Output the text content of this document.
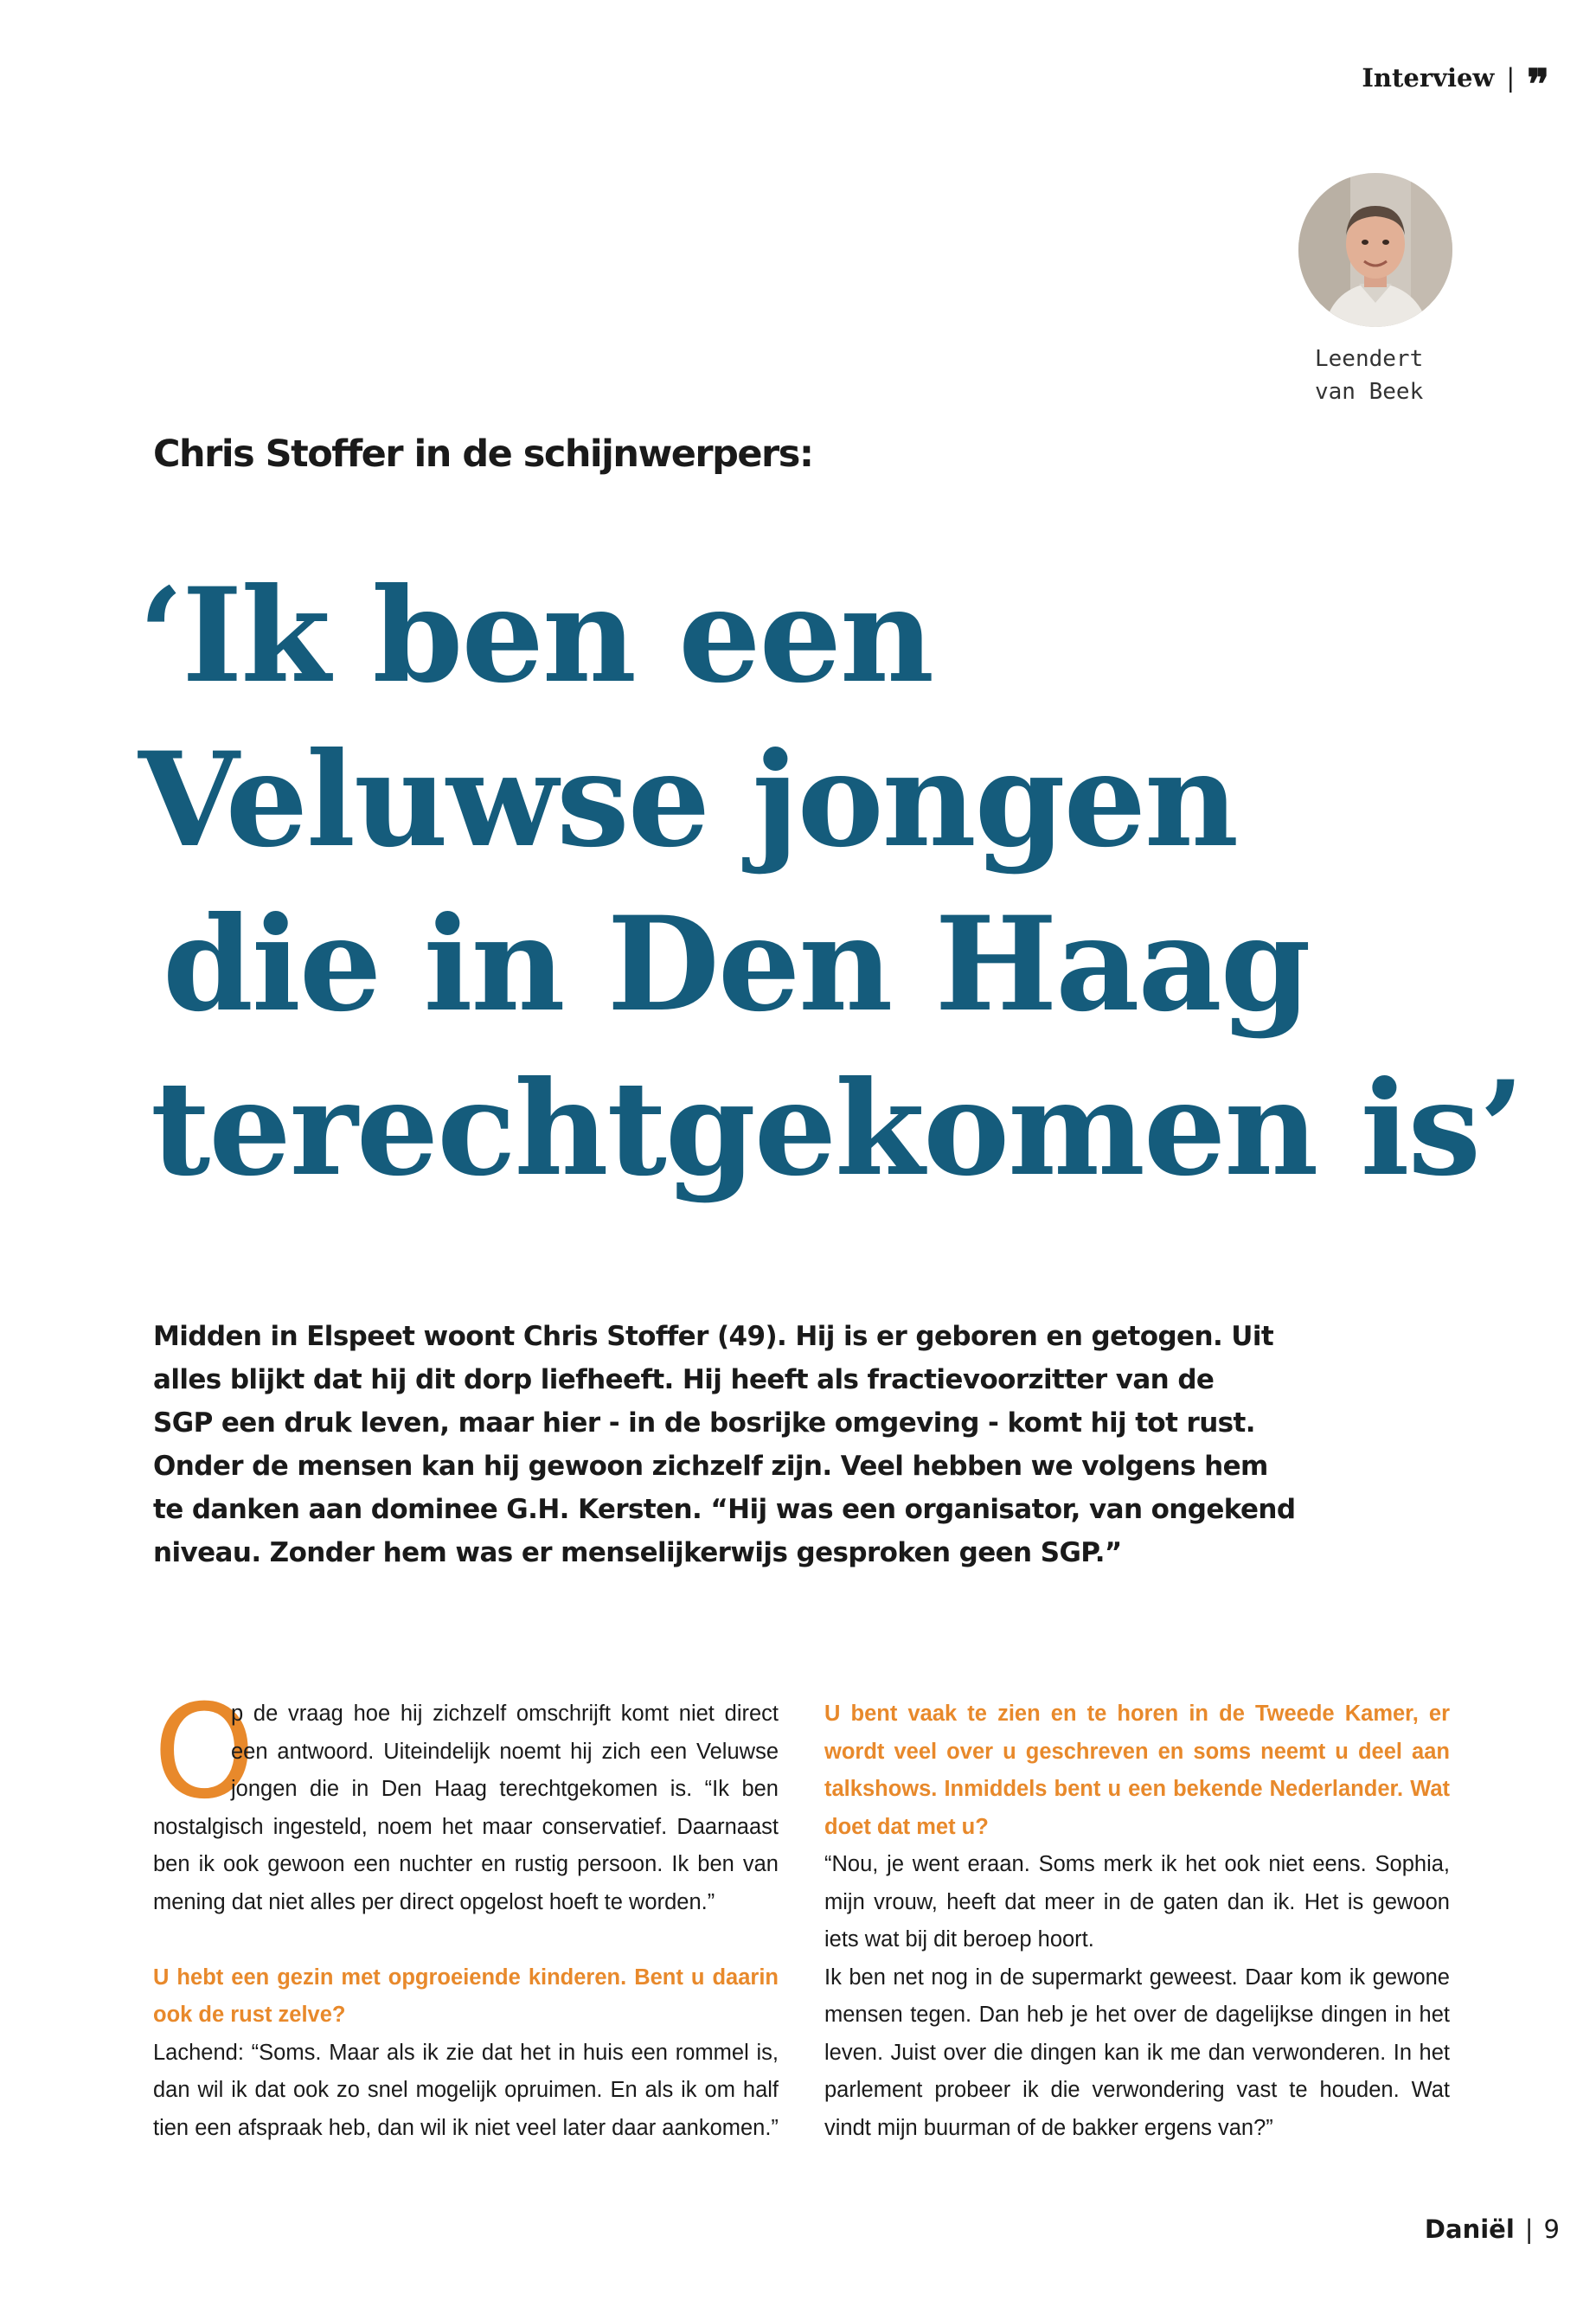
Interview | ❞
Leendert
van Beek
Chris Stoffer in de schijnwerpers:
‘Ik ben een
Veluwse jongen
die in Den Haag
terechtgekomen is’
Midden in Elspeet woont Chris Stoffer (49). Hij is er geboren en getogen. Uit
alles blijkt dat hij dit dorp liefheeft. Hij heeft als fractievoorzitter van de
SGP een druk leven, maar hier - in de bosrijke omgeving - komt hij tot rust.
Onder de mensen kan hij gewoon zichzelf zijn. Veel hebben we volgens hem
te danken aan dominee G.H. Kersten. “Hij was een organisator, van ongekend
niveau. Zonder hem was er menselijkerwijs gesproken geen SGP.”
O

p de vraag hoe hij zichzelf omschrijft komt niet direct een antwoord. Uiteindelijk noemt hij zich een Veluwse jongen die in Den Haag terechtgekomen is. “Ik ben nostalgisch ingesteld, noem het maar conservatief. Daarnaast ben ik ook gewoon een nuchter en rustig persoon. Ik ben van mening dat niet alles per direct opgelost hoeft te worden.”

U hebt een gezin met opgroeiende kinderen. Bent u daarin ook de rust zelve?

Lachend: “Soms. Maar als ik zie dat het in huis een rommel is, dan wil ik dat ook zo snel mogelijk opruimen. En als ik om half tien een afspraak heb, dan wil ik niet veel later daar aankomen.”

U bent vaak te zien en te horen in de Tweede Kamer, er wordt veel over u geschreven en soms neemt u deel aan talkshows. Inmiddels bent u een bekende Nederlander. Wat doet dat met u?

“Nou, je went eraan. Soms merk ik het ook niet eens. Sophia, mijn vrouw, heeft dat meer in de gaten dan ik. Het is gewoon iets wat bij dit beroep hoort.

Ik ben net nog in de supermarkt geweest. Daar kom ik gewone mensen tegen. Dan heb je het over de dagelijkse dingen in het leven. Juist over die dingen kan ik me dan verwonderen. In het parlement probeer ik die verwondering vast te houden. Wat vindt mijn buurman of de bakker ergens van?”

Daniël | 9
